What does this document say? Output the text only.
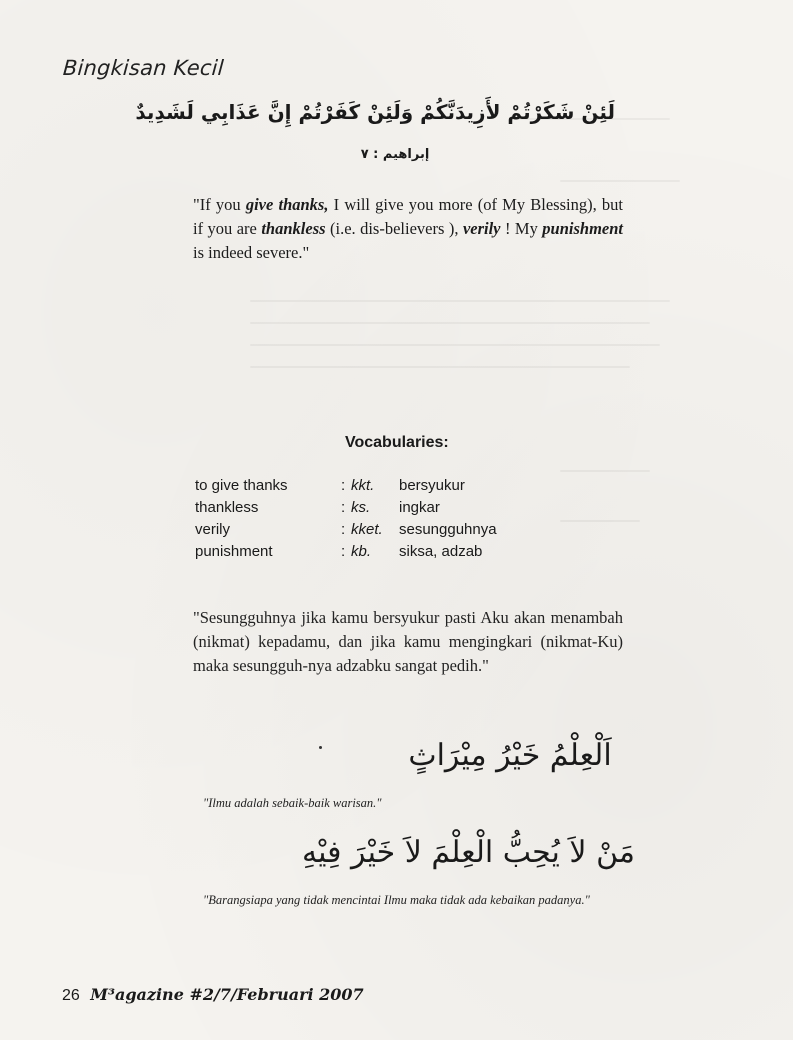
Bingkisan Kecil
لَئِنْ شَكَرْتُمْ لأَزِيدَنَّكُمْ وَلَئِنْ كَفَرْتُمْ إِنَّ عَذَابِي لَشَدِيدٌ
إبراهيم : ٧
"If you give thanks, I will give you more (of My Blessing), but if you are thankless (i.e. dis-believers ), verily ! My punishment is indeed severe."
Vocabularies:
to give thanks	:	kkt.	bersyukur
thankless	:	ks.	ingkar
verily	:	kket.	sesungguhnya
punishment	:	kb.	siksa, adzab
"Sesungguhnya jika kamu bersyukur pasti Aku akan menambah (nikmat) kepadamu, dan jika kamu mengingkari (nikmat-Ku) maka sesungguh-nya adzabku sangat pedih."
اَلْعِلْمُ خَيْرُ مِيْرَاثٍ
"Ilmu adalah sebaik-baik warisan."
مَنْ لاَ يُحِبُّ الْعِلْمَ لاَ خَيْرَ فِيْهِ
"Barangsiapa yang tidak mencintai Ilmu maka tidak ada kebaikan padanya."
26 M³agazine #2/7/Februari 2007
